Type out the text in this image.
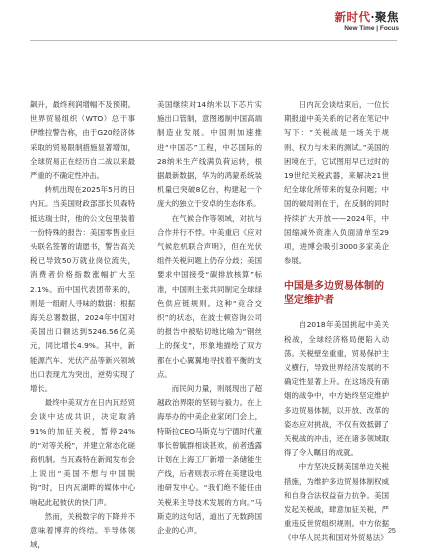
新时代·聚焦
New Time | Focus

飙升，最终利润增幅不及预期。世界贸易组织（WTO）总干事伊维拉警告称，由于G20经济体采取的贸易限制措施显著增加，全球贸易正在经历自二战以来最严重的不确定性冲击。

转机出现在2025年5月的日内瓦。当美国财政部部长贝森特抵达瑞士时，他的公文包里装着一份特殊的报告：美国零售业巨头联名签署的请愿书，警告高关税已导致50万就业岗位流失，消费者价格指数涨幅扩大至2.1%。而中国代表团带来的，则是一组耐人寻味的数据：根据海关总署数据，2024年中国对美国出口额达到5246.56亿美元，同比增长4.9%。其中，新能源汽车、光伏产品等新兴领域出口表现尤为突出，逆势实现了增长。

最终中美双方在日内瓦经贸会谈中达成共识，决定取消91%的加征关税，暂停24%的“对等关税”，并建立常态化磋商机制。当瓦森特在新闻发布会上说出“美国不想与中国脱钩”时，日内瓦湖畔的媒体中心响起此起彼伏的快门声。

然而，关税数字的下降并不意味着博弈的终结。半导体领域，

美国继续对14纳米以下芯片实施出口管制，意图遏制中国高端制造业发展。中国则加速推进“中国芯”工程，中芯国际的28纳米生产线满负荷运转，根据最新数据，华为的鸿蒙系统装机量已突破8亿台，构建起一个庞大的独立于安卓的生态体系。

在气候合作等领域，对抗与合作并行不悖。中美重启《应对气候危机联合声明》，但在光伏组件关税问题上仍存分歧；美国要求中国接受“碳排放核算”标准，中国则主张共同制定全球绿色供应链规则。这种“竞合交织”的状态，在波士顿咨询公司的报告中被贴切地比喻为“钢丝上的探戈”，形象地描绘了双方都在小心翼翼地寻找着平衡的支点。

而民间力量，则展现出了超越政治界限的坚韧与毅力。在上海举办的中美企业家闭门会上，特斯拉CEO马斯克与宁德时代董事长曾毓群相谈甚欢，前者透露计划在上海工厂新增一条储能生产线，后者则表示将在美建设电池研发中心。“我们绝不能任由关税来主导技术发展的方向。”马斯克的这句话，道出了无数跨国企业的心声。

日内瓦会谈结束后，一位长期报道中美关系的记者在笔记中写下：“关税战是一场关于规则、权力与未来的测试。”美国的困境在于，它试图用早已过时的19世纪关税武器，来解决21世纪全球化所带来的复杂问题；中国的破局则在于，在反制的同时持续扩大开放——2024年，中国缩减外资准入负面清单至29项，进博会吸引3000多家美企参展。

中国是多边贸易体制的坚定维护者

自2018年美国挑起中美关税战，全球经济格局便陷入动荡。关税壁垒重重，贸易保护主义横行，导致世界经济发展的不确定性显著上升。在这场没有硝烟的战争中，中方始终坚定维护多边贸易体制，以开放、改革的姿态应对挑战，不仅有效抵御了关税战的冲击，还在诸多领域取得了令人瞩目的成就。

中方坚决反制美国单边关税措施，为维护多边贸易体制权威和自身合法权益奋力抗争。美国发起关税战，肆意加征关税，严重违反世贸组织规则。中方依据《中华人民共和国对外贸易法》

25
